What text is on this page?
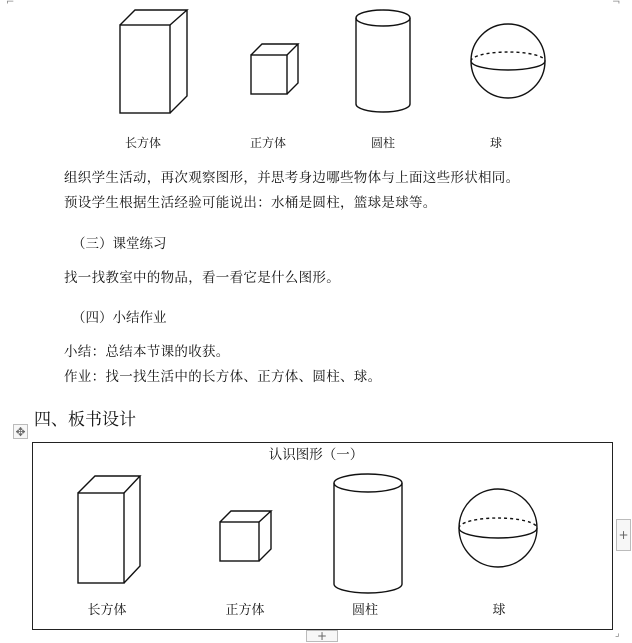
⌐	¬
长方体	正方体	圆柱	球
组织学生活动，再次观察图形，并思考身边哪些物体与上面这些形状相同。
预设学生根据生活经验可能说出：水桶是圆柱，篮球是球等。
（三）课堂练习
找一找教室中的物品，看一看它是什么图形。
（四）小结作业
小结：总结本节课的收获。
作业：找一找生活中的长方体、正方体、圆柱、球。
四、板书设计
✥
认识图形（一）
长方体	正方体	圆柱	球
+
+	⌟
